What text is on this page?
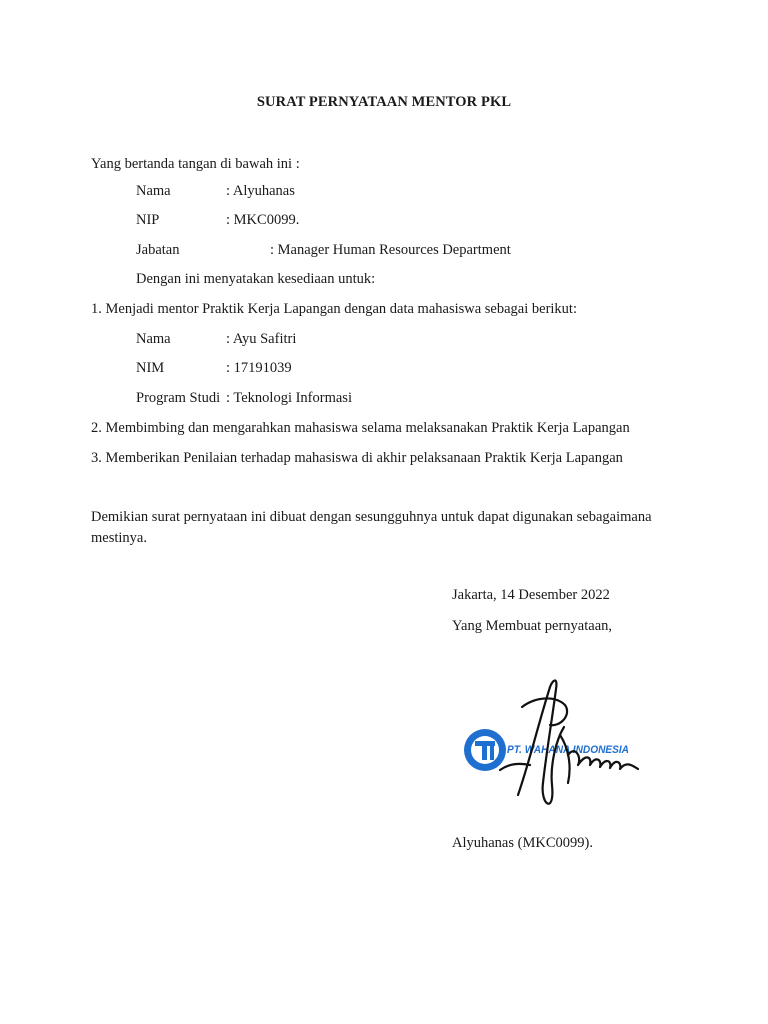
SURAT PERNYATAAN MENTOR PKL
Yang bertanda tangan di bawah ini :
Nama	: Alyuhanas
NIP	: MKC0099.
Jabatan	: Manager Human Resources Department
Dengan ini menyatakan kesediaan untuk:
1. Menjadi mentor Praktik Kerja Lapangan dengan data mahasiswa sebagai berikut:
Nama	: Ayu Safitri
NIM	: 17191039
Program Studi : Teknologi Informasi
2. Membimbing dan mengarahkan mahasiswa selama melaksanakan Praktik Kerja Lapangan
3. Memberikan Penilaian terhadap mahasiswa di akhir pelaksanaan Praktik Kerja Lapangan
Demikian surat pernyataan ini dibuat dengan sesungguhnya untuk dapat digunakan sebagaimana mestinya.
Jakarta, 14 Desember 2022
Yang Membuat pernyataan,
PT. WAHANA INDONESIA
Alyuhanas (MKC0099).
